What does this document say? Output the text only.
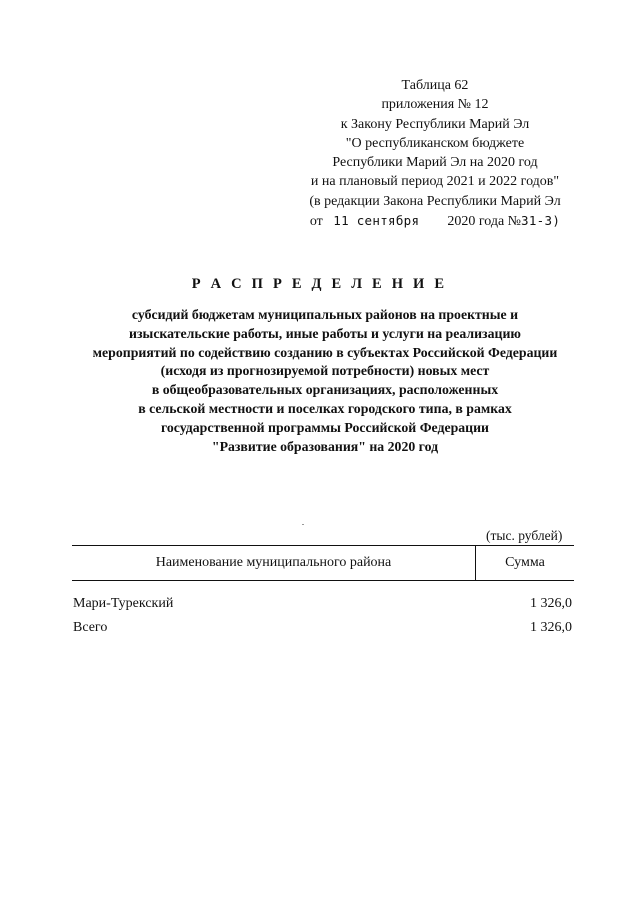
Таблица 62
приложения № 12
к Закону Республики Марий Эл
"О республиканском бюджете
Республики Марий Эл на 2020 год
и на плановый период 2021 и 2022 годов"
(в редакции Закона Республики Марий Эл
от 11 сентября 2020 года №31-З)
Р А С П Р Е Д Е Л Е Н И Е
субсидий бюджетам муниципальных районов на проектные и
изыскательские работы, иные работы и услуги на реализацию
мероприятий по содействию созданию в субъектах Российской Федерации
(исходя из прогнозируемой потребности) новых мест
в общеобразовательных организациях, расположенных
в сельской местности и поселках городского типа, в рамках
государственной программы Российской Федерации
"Развитие образования" на 2020 год
(тыс. рублей)
Наименование муниципального района	Сумма
Мари-Турекский	1 326,0
Всего	1 326,0
